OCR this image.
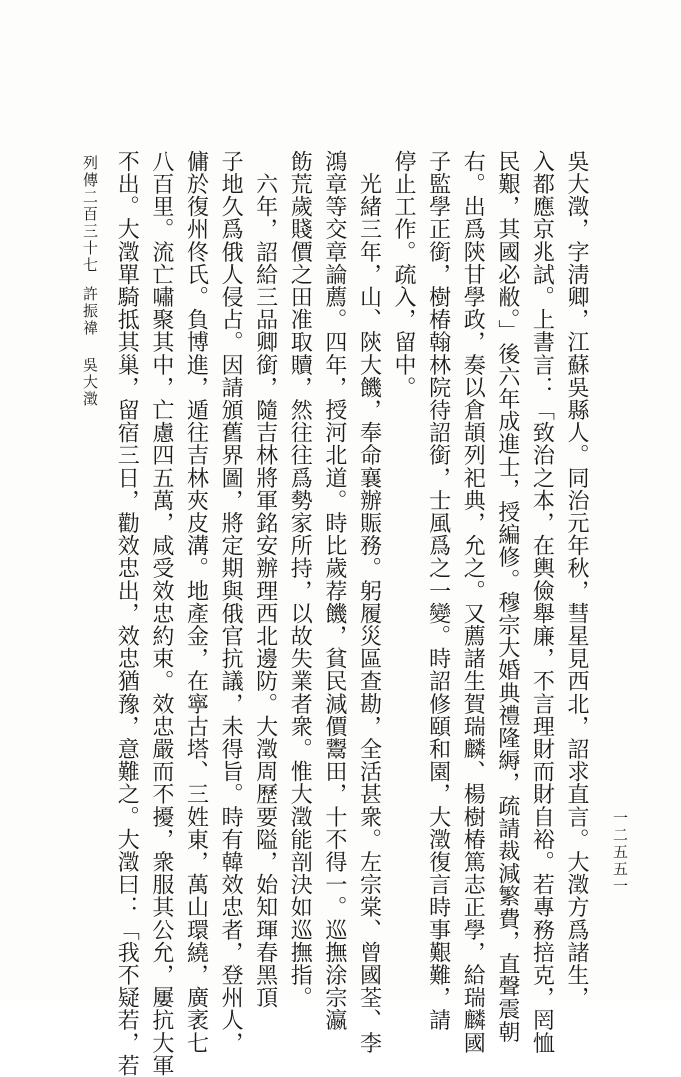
吳大澂，字淸卿，江蘇吳縣人。同治元年秋，彗星見西北，詔求直言。大澂方爲諸生，
入都應京兆試。上書言：「致治之本，在輿儉舉廉，不言理財而財自裕。若專務掊克，罔恤
民艱，其國必敝。」後六年成進士，授編修。穆宗大婚典禮隆縟，疏請裁減繁費，直聲震朝
右。出爲陝甘學政，奏以倉頡列祀典，允之。又薦諸生賀瑞麟、楊樹椿篤志正學，給瑞麟國
子監學正銜，樹椿翰林院待詔銜，士風爲之一變。時詔修頤和園，大澂復言時事艱難，請
停止工作。疏入，留中。
　光緒三年，山、陝大饑，奉命襄辦賑務。躬履災區查勘，全活甚衆。左宗棠、曾國荃、李
鴻章等交章論薦。四年，授河北道。時比歲荐饑，貧民減價鬻田，十不得一。巡撫涂宗瀛
飭荒歲賤價之田准取贖，然往往爲勢家所持，以故失業者衆。惟大澂能剖決如巡撫指。
　六年，詔給三品卿銜，隨吉林將軍銘安辦理西北邊防。大澂周歷要隘，始知琿春黑頂
子地久爲俄人侵占。因請頒舊界圖，將定期與俄官抗議，未得旨。時有韓效忠者，登州人，
傭於復州佟氏。負博進，遁往吉林夾皮溝。地產金，在寧古塔、三姓東，萬山環繞，廣袤七
八百里。流亡嘯聚其中，亡慮四五萬，咸受效忠約束。效忠嚴而不擾，衆服其公允，屢抗大軍
不出。大澂單騎抵其巢，留宿三日，勸效忠出，效忠猶豫，意難之。大澂曰：「我不疑若，若
列傳二百三十七許振禕 吳大澂
一二五五一
